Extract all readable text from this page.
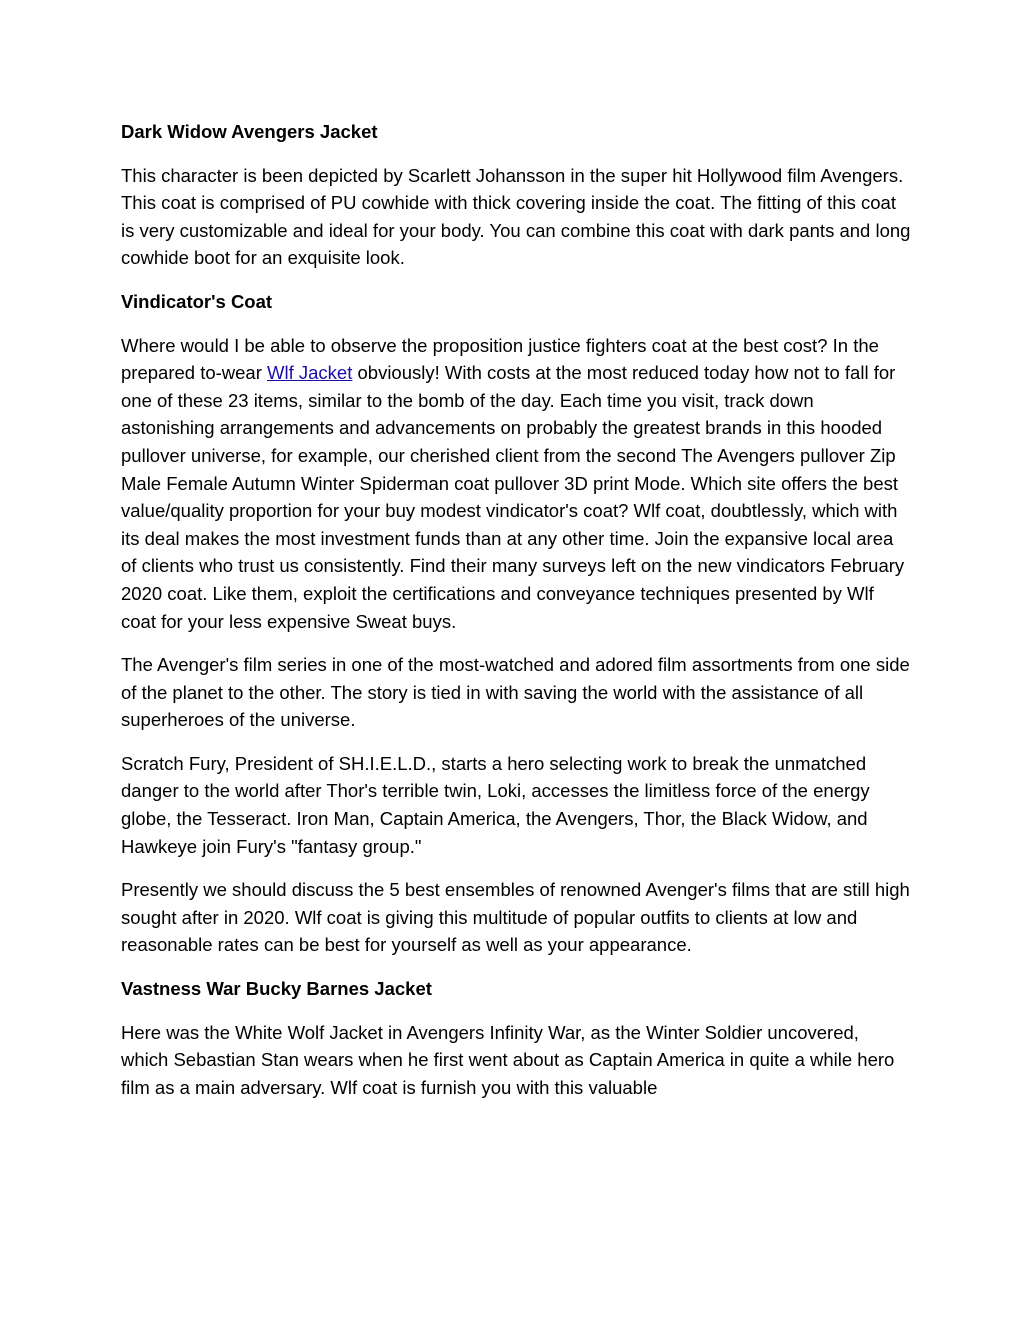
Dark Widow Avengers Jacket

This character is been depicted by Scarlett Johansson in the super hit Hollywood film Avengers. This coat is comprised of PU cowhide with thick covering inside the coat. The fitting of this coat is very customizable and ideal for your body. You can combine this coat with dark pants and long cowhide boot for an exquisite look.

Vindicator's Coat

Where would I be able to observe the proposition justice fighters coat at the best cost? In the prepared to-wear Wlf Jacket obviously! With costs at the most reduced today how not to fall for one of these 23 items, similar to the bomb of the day. Each time you visit, track down astonishing arrangements and advancements on probably the greatest brands in this hooded pullover universe, for example, our cherished client from the second The Avengers pullover Zip Male Female Autumn Winter Spiderman coat pullover 3D print Mode. Which site offers the best value/quality proportion for your buy modest vindicator's coat? Wlf coat, doubtlessly, which with its deal makes the most investment funds than at any other time. Join the expansive local area of clients who trust us consistently. Find their many surveys left on the new vindicators February 2020 coat. Like them, exploit the certifications and conveyance techniques presented by Wlf coat for your less expensive Sweat buys.

The Avenger's film series in one of the most-watched and adored film assortments from one side of the planet to the other. The story is tied in with saving the world with the assistance of all superheroes of the universe.

Scratch Fury, President of SH.I.E.L.D., starts a hero selecting work to break the unmatched danger to the world after Thor's terrible twin, Loki, accesses the limitless force of the energy globe, the Tesseract. Iron Man, Captain America, the Avengers, Thor, the Black Widow, and Hawkeye join Fury's "fantasy group."

Presently we should discuss the 5 best ensembles of renowned Avenger's films that are still high sought after in 2020. Wlf coat is giving this multitude of popular outfits to clients at low and reasonable rates can be best for yourself as well as your appearance.

Vastness War Bucky Barnes Jacket

Here was the White Wolf Jacket in Avengers Infinity War, as the Winter Soldier uncovered, which Sebastian Stan wears when he first went about as Captain America in quite a while hero film as a main adversary. Wlf coat is furnish you with this valuable
